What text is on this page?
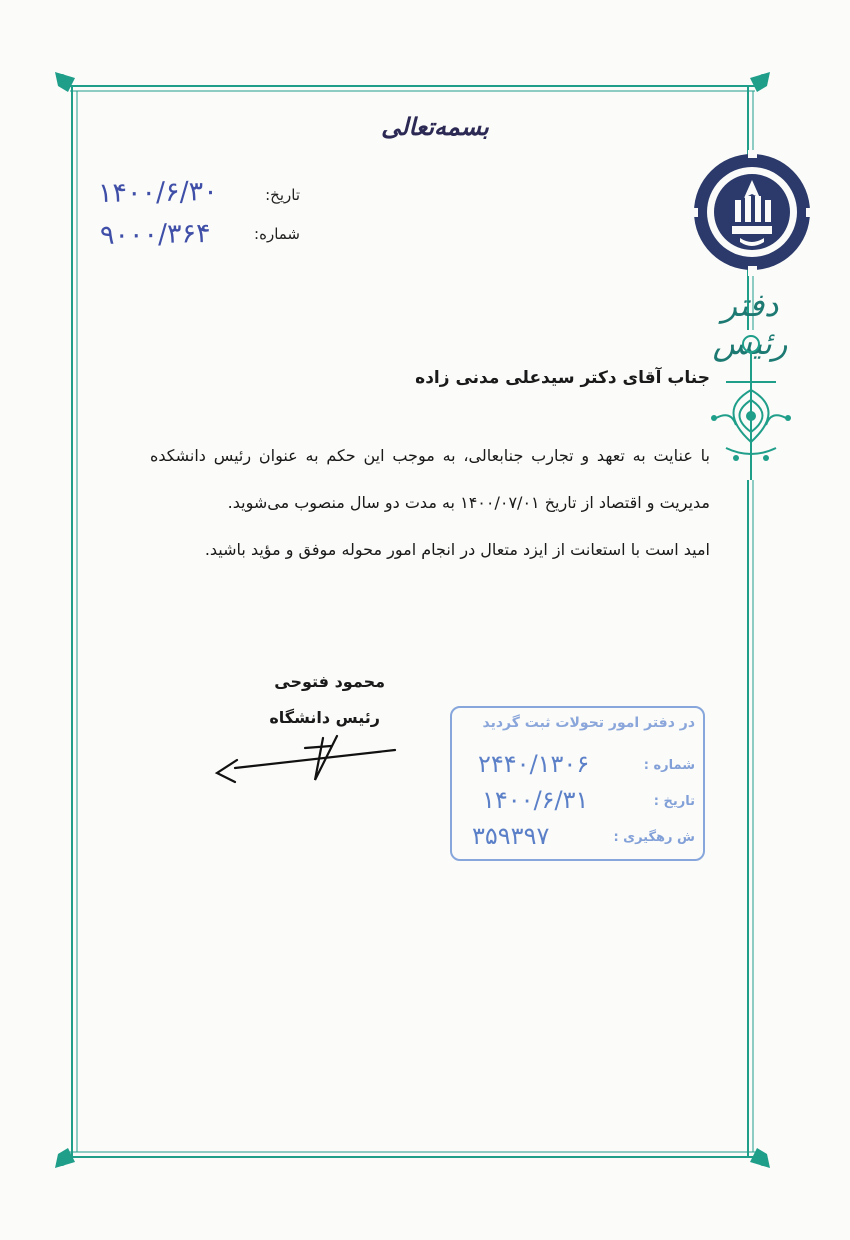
بسمه‌تعالی
تاریخ:
شماره:
۱۴۰۰/۶/۳۰
۹۰۰۰/۳۶۴
دفتر رئیس
جناب آقای دکتر سیدعلی مدنی زاده

با عنایت به تعهد و تجارب جنابعالی، به موجب این حکم به عنوان رئیس دانشکده مدیریت و اقتصاد از تاریخ ۱۴۰۰/۰۷/۰۱ به مدت دو سال منصوب می‌شوید.

امید است با استعانت از ایزد متعال در انجام امور محوله موفق و مؤید باشید.

محمود فتوحی
رئیس دانشگاه	در دفتر امور تحولات ثبت گردید
شماره :
۲۴۴۰/۱۳۰۶
تاریخ :
۱۴۰۰/۶/۳۱
ش رهگیری :
۳۵۹۳۹۷
